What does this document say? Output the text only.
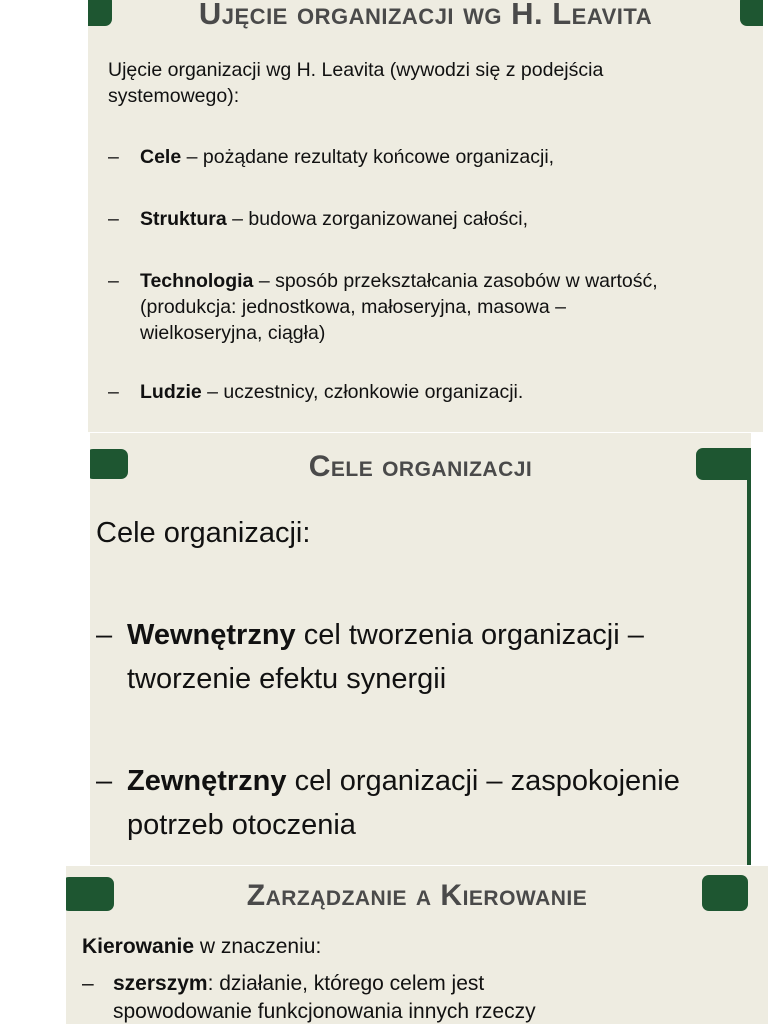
Ujęcie organizacji wg H. Leavita
Ujęcie organizacji wg H. Leavita (wywodzi się z podejścia
systemowego):
– Cele – pożądane rezultaty końcowe organizacji,
– Struktura – budowa zorganizowanej całości,
– Technologia – sposób przekształcania zasobów w wartość,
(produkcja: jednostkowa, małoseryjna, masowa –
wielkoseryjna, ciągła)
– Ludzie – uczestnicy, członkowie organizacji.
Cele organizacji
Cele organizacji:
– Wewnętrzny cel tworzenia organizacji –
tworzenie efektu synergii
– Zewnętrzny cel organizacji – zaspokojenie
potrzeb otoczenia
Zarządzanie a Kierowanie
Kierowanie w znaczeniu:
– szerszym: działanie, którego celem jest
spowodowanie funkcjonowania innych rzeczy
